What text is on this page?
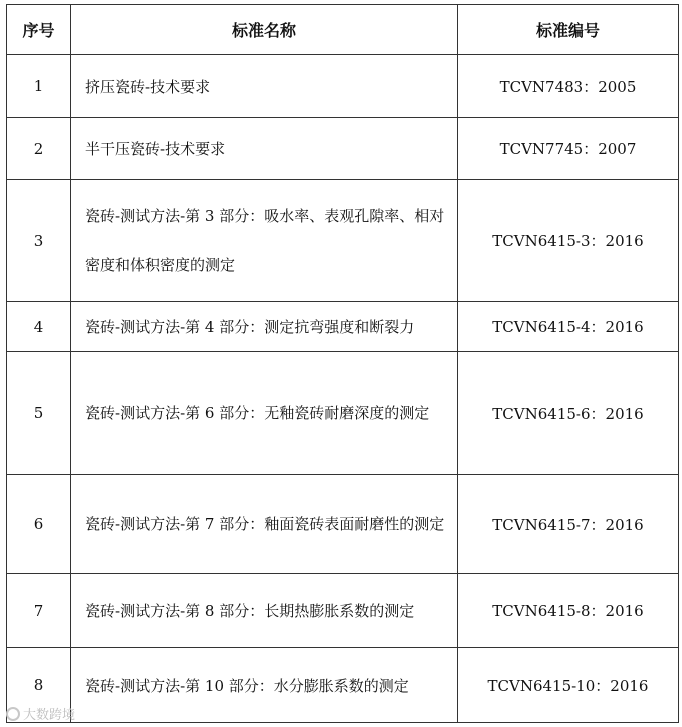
序号	标准名称	标准编号
1	挤压瓷砖-技术要求	TCVN7483：2005
2	半干压瓷砖-技术要求	TCVN7745：2007
3	瓷砖-测试方法-第 3 部分：吸水率、表观孔隙率、相对密度和体积密度的测定	TCVN6415-3：2016
4	瓷砖-测试方法-第 4 部分：测定抗弯强度和断裂力	TCVN6415-4：2016
5	瓷砖-测试方法-第 6 部分：无釉瓷砖耐磨深度的测定	TCVN6415-6：2016
6	瓷砖-测试方法-第 7 部分：釉面瓷砖表面耐磨性的测定	TCVN6415-7：2016
7	瓷砖-测试方法-第 8 部分：长期热膨胀系数的测定	TCVN6415-8：2016
8	瓷砖-测试方法-第 10 部分：水分膨胀系数的测定	TCVN6415-10：2016
大数跨境
